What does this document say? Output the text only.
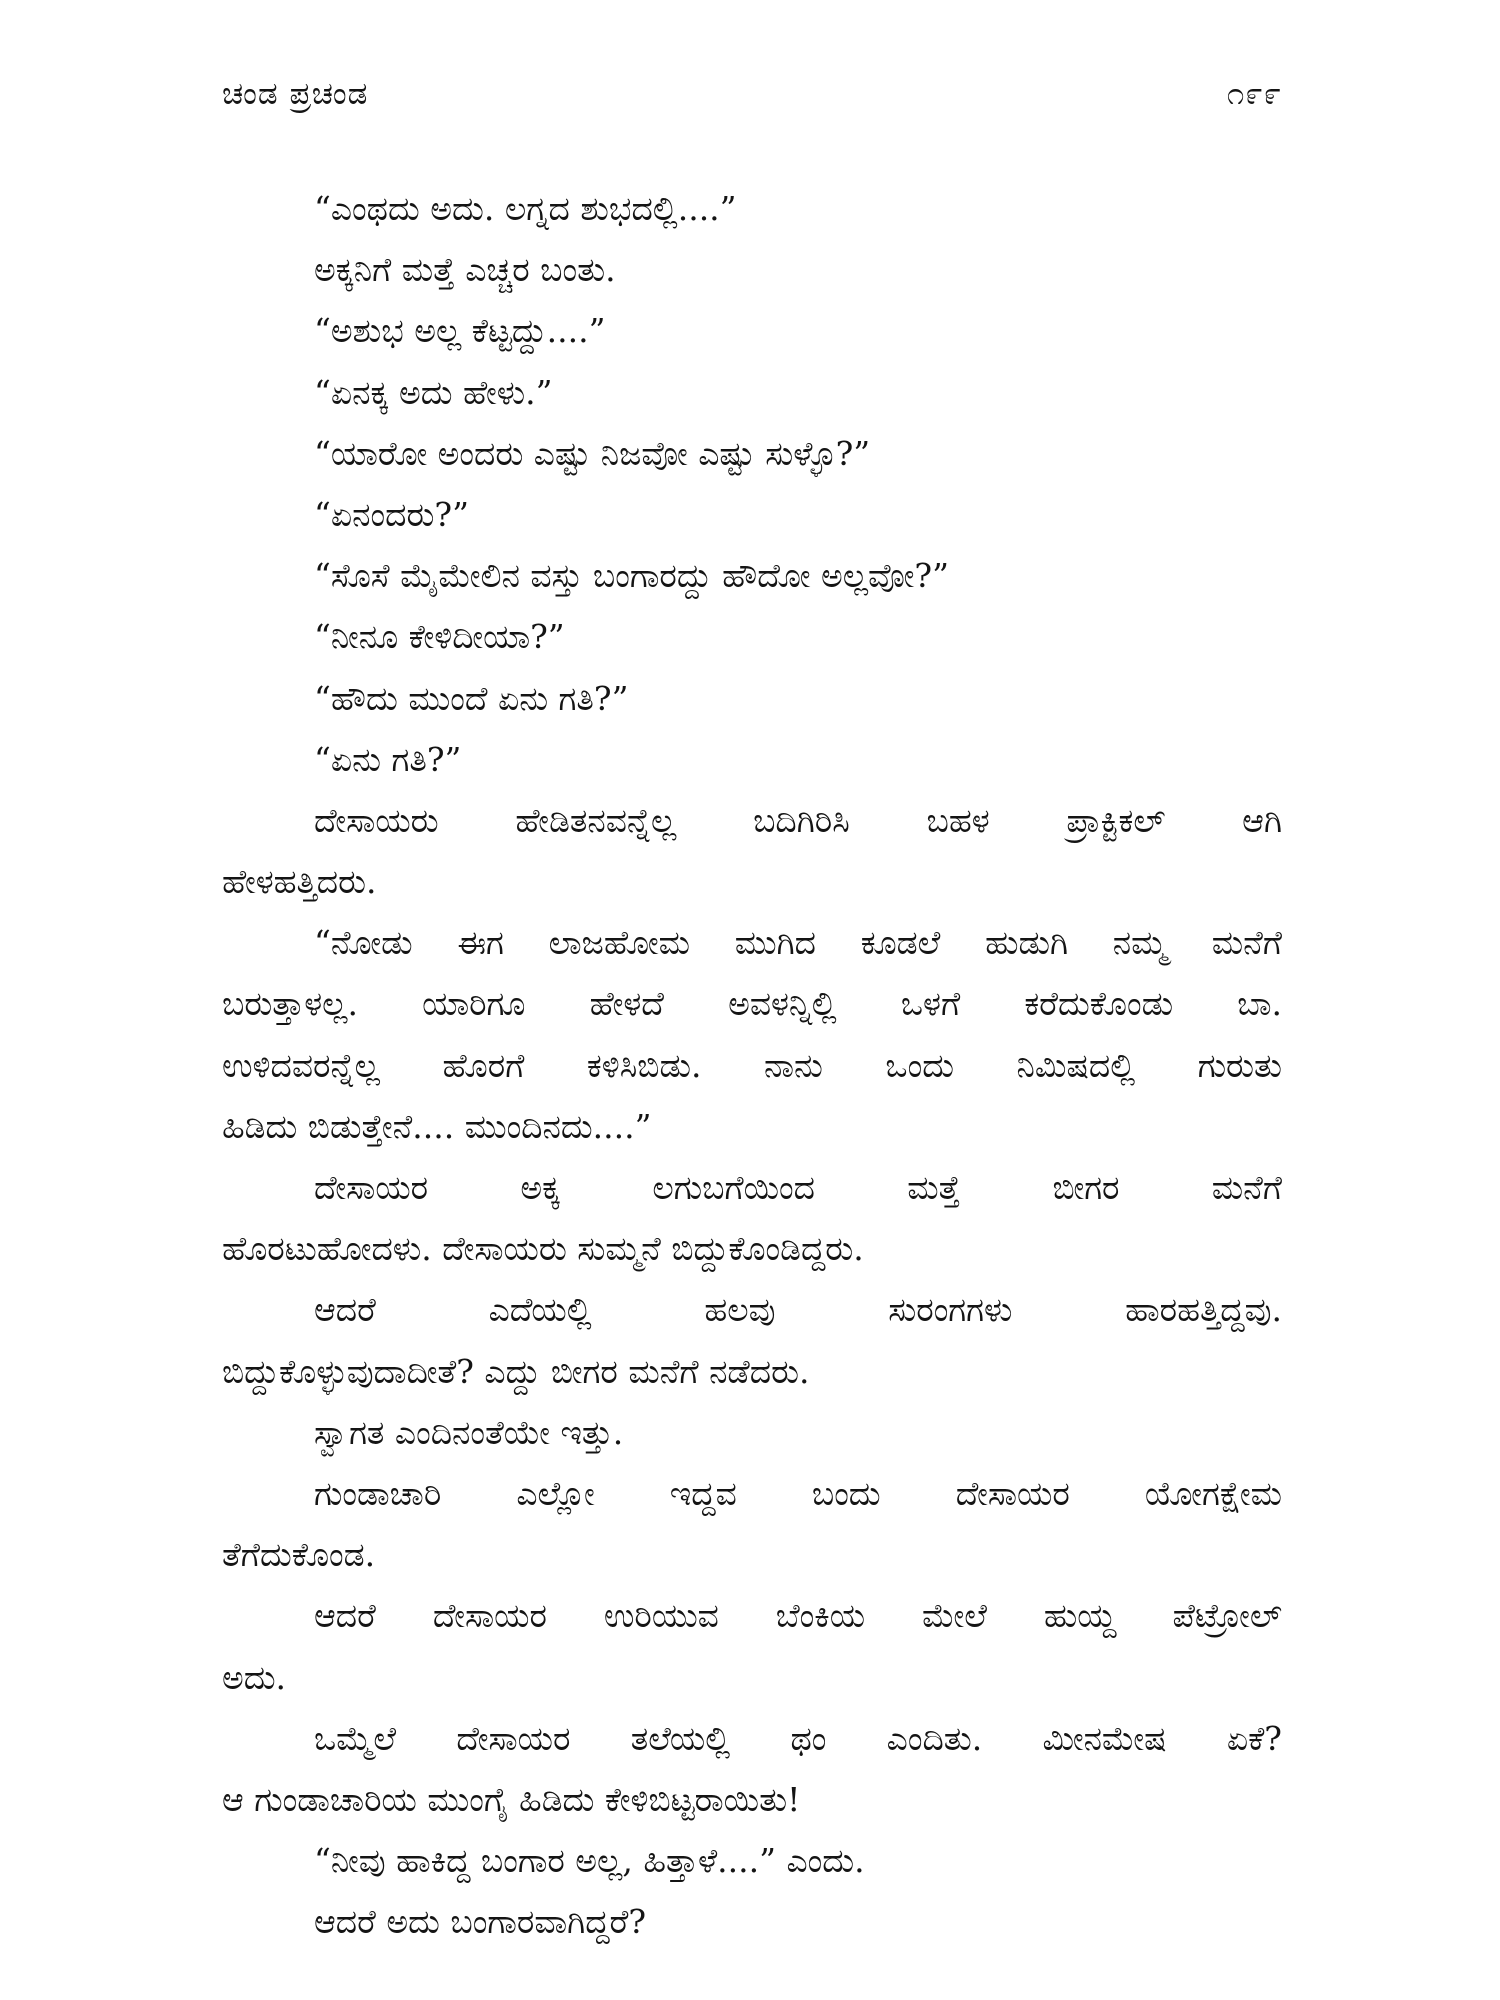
ಚಂಡ ಪ್ರಚಂಡ	೧೯೯
“ಎಂಥದು ಅದು. ಲಗ್ನದ ಶುಭದಲ್ಲಿ....”
ಅಕ್ಕನಿಗೆ ಮತ್ತೆ ಎಚ್ಚರ ಬಂತು.
“ಅಶುಭ ಅಲ್ಲ ಕೆಟ್ಟದ್ದು....”
“ಏನಕ್ಕ ಅದು ಹೇಳು.”
“ಯಾರೋ ಅಂದರು ಎಷ್ಟು ನಿಜವೋ ಎಷ್ಟು ಸುಳ್ಳೊ?”
“ಏನಂದರು?”
“ಸೊಸೆ ಮೈಮೇಲಿನ ವಸ್ತು ಬಂಗಾರದ್ದು ಹೌದೋ ಅಲ್ಲವೋ?”
“ನೀನೂ ಕೇಳಿದೀಯಾ?”
“ಹೌದು ಮುಂದೆ ಏನು ಗತಿ?”
“ಏನು ಗತಿ?”
ದೇಸಾಯರು ಹೇಡಿತನವನ್ನೆಲ್ಲ ಬದಿಗಿರಿಸಿ ಬಹಳ ಪ್ರಾಕ್ಟಿಕಲ್ ಆಗಿ
ಹೇಳಹತ್ತಿದರು.
“ನೋಡು ಈಗ ಲಾಜಹೋಮ ಮುಗಿದ ಕೂಡಲೆ ಹುಡುಗಿ ನಮ್ಮ ಮನೆಗೆ
ಬರುತ್ತಾಳಲ್ಲ. ಯಾರಿಗೂ ಹೇಳದೆ ಅವಳನ್ನಿಲ್ಲಿ ಒಳಗೆ ಕರೆದುಕೊಂಡು ಬಾ.
ಉಳಿದವರನ್ನೆಲ್ಲ ಹೊರಗೆ ಕಳಿಸಿಬಿಡು. ನಾನು ಒಂದು ನಿಮಿಷದಲ್ಲಿ ಗುರುತು
ಹಿಡಿದು ಬಿಡುತ್ತೇನೆ.... ಮುಂದಿನದು....”
ದೇಸಾಯರ ಅಕ್ಕ ಲಗುಬಗೆಯಿಂದ ಮತ್ತೆ ಬೀಗರ ಮನೆಗೆ
ಹೊರಟುಹೋದಳು. ದೇಸಾಯರು ಸುಮ್ಮನೆ ಬಿದ್ದುಕೊಂಡಿದ್ದರು.
ಆದರೆ ಎದೆಯಲ್ಲಿ ಹಲವು ಸುರಂಗಗಳು ಹಾರಹತ್ತಿದ್ದವು.
ಬಿದ್ದುಕೊಳ್ಳುವುದಾದೀತೆ? ಎದ್ದು ಬೀಗರ ಮನೆಗೆ ನಡೆದರು.
ಸ್ವಾಗತ ಎಂದಿನಂತೆಯೇ ಇತ್ತು.
ಗುಂಡಾಚಾರಿ ಎಲ್ಲೋ ಇದ್ದವ ಬಂದು ದೇಸಾಯರ ಯೋಗಕ್ಷೇಮ
ತೆಗೆದುಕೊಂಡ.
ಆದರೆ ದೇಸಾಯರ ಉರಿಯುವ ಬೆಂಕಿಯ ಮೇಲೆ ಹುಯ್ದ ಪೆಟ್ರೋಲ್
ಅದು.
ಒಮ್ಮೆಲೆ ದೇಸಾಯರ ತಲೆಯಲ್ಲಿ ಥಂ ಎಂದಿತು. ಮೀನಮೇಷ ಏಕೆ?
ಆ ಗುಂಡಾಚಾರಿಯ ಮುಂಗೈ ಹಿಡಿದು ಕೇಳಿಬಿಟ್ಟರಾಯಿತು!
“ನೀವು ಹಾಕಿದ್ದ ಬಂಗಾರ ಅಲ್ಲ, ಹಿತ್ತಾಳೆ....” ಎಂದು.
ಆದರೆ ಅದು ಬಂಗಾರವಾಗಿದ್ದರೆ?
